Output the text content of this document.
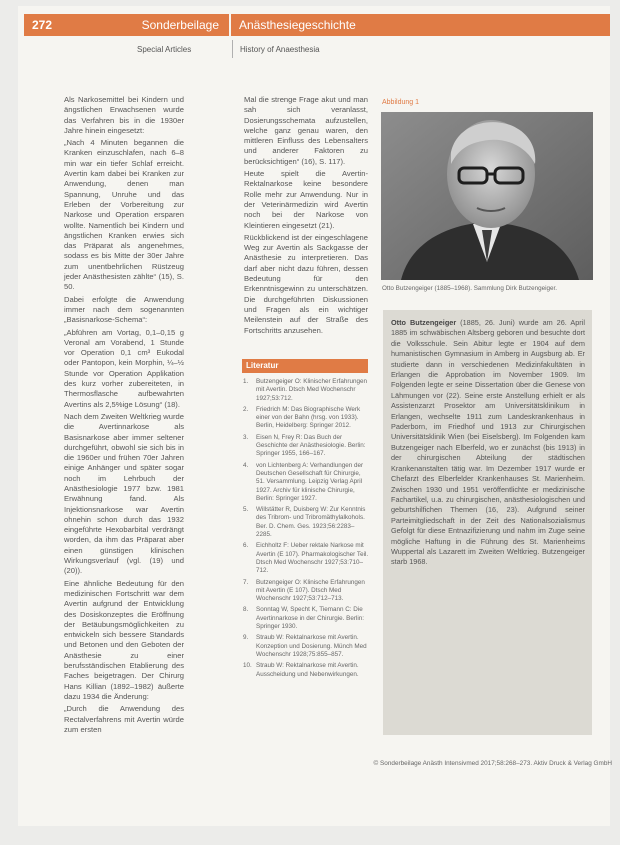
272	Sonderbeilage Anästhesiegeschichte
Special Articles	History of Anaesthesia

Als Narkosemittel bei Kindern und ängstlichen Erwachsenen wurde das Verfahren bis in die 1930er Jahre hinein eingesetzt:

„Nach 4 Minuten begannen die Kranken einzuschlafen, nach 6–8 min war ein tiefer Schlaf erreicht. Avertin kam dabei bei Kranken zur Anwendung, denen man Spannung, Unruhe und das Erleben der Vorbereitung zur Narkose und Operation ersparen wollte. Namentlich bei Kindern und ängstlichen Kranken erwies sich das Präparat als angenehmes, sodass es bis Mitte der 30er Jahre zum unentbehrlichen Rüstzeug jeder Anästhesisten zählte“ (15), S. 50.

Dabei erfolgte die Anwendung immer nach dem sogenannten „Basisnarkose-Schema“:

„Abführen am Vortag, 0,1–0,15 g Veronal am Vorabend, 1 Stunde vor Operation 0,1 cm³ Eukodal oder Pantopon, kein Morphin, ¼–½ Stunde vor Operation Applikation des kurz vorher zubereiteten, in Thermosflasche aufbewahrten Avertins als 2,5%ige Lösung“ (18).

Nach dem Zweiten Weltkrieg wurde die Avertinnarkose als Basisnarkose aber immer seltener durchgeführt, obwohl sie sich bis in die 1960er und frühen 70er Jahren einige Anhänger und später sogar noch im Lehrbuch der Anästhesiologie 1977 bzw. 1981 Erwähnung fand. Als Injektionsnarkose war Avertin ohnehin schon durch das 1932 eingeführte Hexobarbital verdrängt worden, da ihm das Präparat aber einen günstigen klinischen Wirkungsverlauf (vgl. (19) und (20)).

Eine ähnliche Bedeutung für den medizinischen Fortschritt war dem Avertin aufgrund der Entwicklung des Dosiskonzeptes die Eröffnung der Betäubungsmöglichkeiten zu entwickeln sich bessere Standards und Betonen und den Geboten der Anästhesie zu einer berufsständischen Etablierung des Faches beigetragen. Der Chirurg Hans Killian (1892–1982) äußerte dazu 1934 die Änderung:

„Durch die Anwendung des Rectalverfahrens mit Avertin würde zum ersten

Mal die strenge Frage akut und man sah sich veranlasst, Dosierungsschemata aufzustellen, welche ganz genau waren, den mittleren Einfluss des Lebensalters und anderer Faktoren zu berücksichtigen“ (16), S. 117).

Heute spielt die Avertin-Rektalnarkose keine besondere Rolle mehr zur Anwendung. Nur in der Veterinärmedizin wird Avertin noch bei der Narkose von Kleintieren eingesetzt (21).

Rückblickend ist der eingeschlagene Weg zur Avertin als Sackgasse der Anästhesie zu interpretieren. Das darf aber nicht dazu führen, dessen Bedeutung für den Erkenntnisgewinn zu unterschätzen. Die durchgeführten Diskussionen und Fragen als ein wichtiger Meilenstein auf der Straße des Fortschritts anzusehen.

Literatur
1. Butzengeiger O: Klinischer Erfahrungen mit Avertin. Dtsch Med Wochenschr 1927;53:712.
2. Friedrich M: Das Biographische Werk einer von der Bahn (hrsg. von 1933). Berlin, Heidelberg: Springer 2012.
3. Eisen N, Frey R: Das Buch der Geschichte der Anästhesiologie. Berlin: Springer 1955, 166–167.
4. von Lichtenberg A: Verhandlungen der Deutschen Gesellschaft für Chirurgie, 51. Versammlung. Leipzig Verlag April 1927. Archiv für klinische Chirurgie, Berlin: Springer 1927.
5. Willstätter R, Duisberg W: Zur Kenntnis des Tribrom- und Tribromäthylalkohols. Ber. D. Chem. Ges. 1923;56:2283–2285.
6. Eichholtz F: Ueber rektale Narkose mit Avertin (E 107). Pharmakologischer Teil. Dtsch Med Wochenschr 1927;53:710–712.
7. Butzengeiger O: Klinische Erfahrungen mit Avertin (E 107). Dtsch Med Wochenschr 1927;53:712–713.
8. Sonntag W, Specht K, Tiemann C: Die Avertinnarkose in der Chirurgie. Berlin: Springer 1930.
9. Straub W: Rektalnarkose mit Avertin. Konzeption und Dosierung. Münch Med Wochenschr 1928;75:855–857.
10. Straub W: Rektalnarkose mit Avertin. Ausscheidung und Nebenwirkungen.
Abbildung 1
Otto Butzengeiger (1885–1968). Sammlung Dirk Butzengeiger.

Otto Butzengeiger (1885, 26. Juni) wurde am 26. April 1885 im schwäbischen Altsberg geboren und besuchte dort die Volksschule. Sein Abitur legte er 1904 auf dem humanistischen Gymnasium in Amberg in Augsburg ab. Er studierte dann in verschiedenen Medizinfakultäten in Erlangen die Approbation im November 1909. Im Folgenden legte er seine Dissertation über die Genese von Lähmungen vor (22). Seine erste Anstellung erhielt er als Assistenzarzt Prosektor am Universitätsklinikum in Erlangen, wechselte 1911 zum Landeskrankenhaus in Paderborn, im Friedhof und 1913 zur Chirurgischen Universitätsklinik Wien (bei Eiselsberg). Im Folgenden kam Butzengeiger nach Elberfeld, wo er zunächst (bis 1913) in der chirurgischen Abteilung der städtischen Krankenanstalten tätig war. Im Dezember 1917 wurde er Chefarzt des Elberfelder Krankenhauses St. Marienheim. Zwischen 1930 und 1951 veröffentlichte er medizinische Fachartikel, u.a. zu chirurgischen, anästhesiologischen und geburtshilfichen Themen (16, 23). Aufgrund seiner Parteimitgliedschaft in der Zeit des Nationalsozialismus Gefolgt für diese Entnazifizierung und nahm im Zuge seine mögliche Haftung in die Führung des St. Marienheims Wuppertal als Lazarett im Zweiten Weltkrieg. Butzengeiger starb 1968.

© Sonderbeilage Anästh Intensivmed 2017;58:268–273. Aktiv Druck & Verlag GmbH
